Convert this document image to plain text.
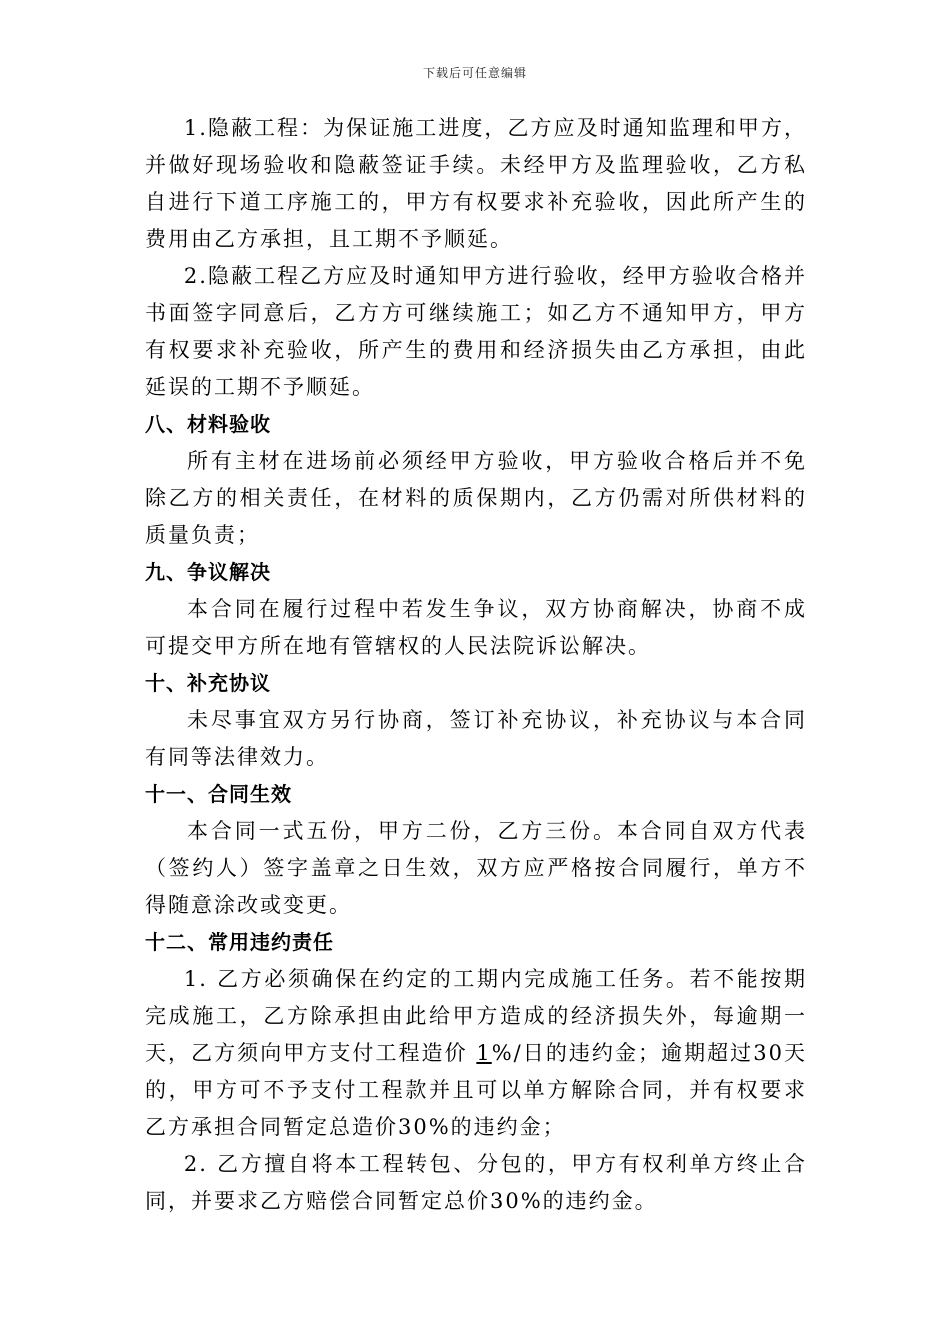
下载后可任意编辑

1.隐蔽工程：为保证施工进度，乙方应及时通知监理和甲方，并做好现场验收和隐蔽签证手续。未经甲方及监理验收，乙方私自进行下道工序施工的，甲方有权要求补充验收，因此所产生的费用由乙方承担，且工期不予顺延。

2.隐蔽工程乙方应及时通知甲方进行验收，经甲方验收合格并书面签字同意后，乙方方可继续施工；如乙方不通知甲方，甲方有权要求补充验收，所产生的费用和经济损失由乙方承担，由此延误的工期不予顺延。

八、材料验收

所有主材在进场前必须经甲方验收，甲方验收合格后并不免除乙方的相关责任，在材料的质保期内，乙方仍需对所供材料的质量负责；

九、争议解决

本合同在履行过程中若发生争议，双方协商解决，协商不成可提交甲方所在地有管辖权的人民法院诉讼解决。

十、补充协议

未尽事宜双方另行协商，签订补充协议，补充协议与本合同有同等法律效力。

十一、合同生效

本合同一式五份，甲方二份，乙方三份。本合同自双方代表（签约人）签字盖章之日生效，双方应严格按合同履行，单方不得随意涂改或变更。

十二、常用违约责任

1. 乙方必须确保在约定的工期内完成施工任务。若不能按期完成施工，乙方除承担由此给甲方造成的经济损失外，每逾期一天，乙方须向甲方支付工程造价 1%/日的违约金；逾期超过30天的，甲方可不予支付工程款并且可以单方解除合同，并有权要求乙方承担合同暂定总造价30%的违约金；

2. 乙方擅自将本工程转包、分包的，甲方有权利单方终止合同，并要求乙方赔偿合同暂定总价30%的违约金。
